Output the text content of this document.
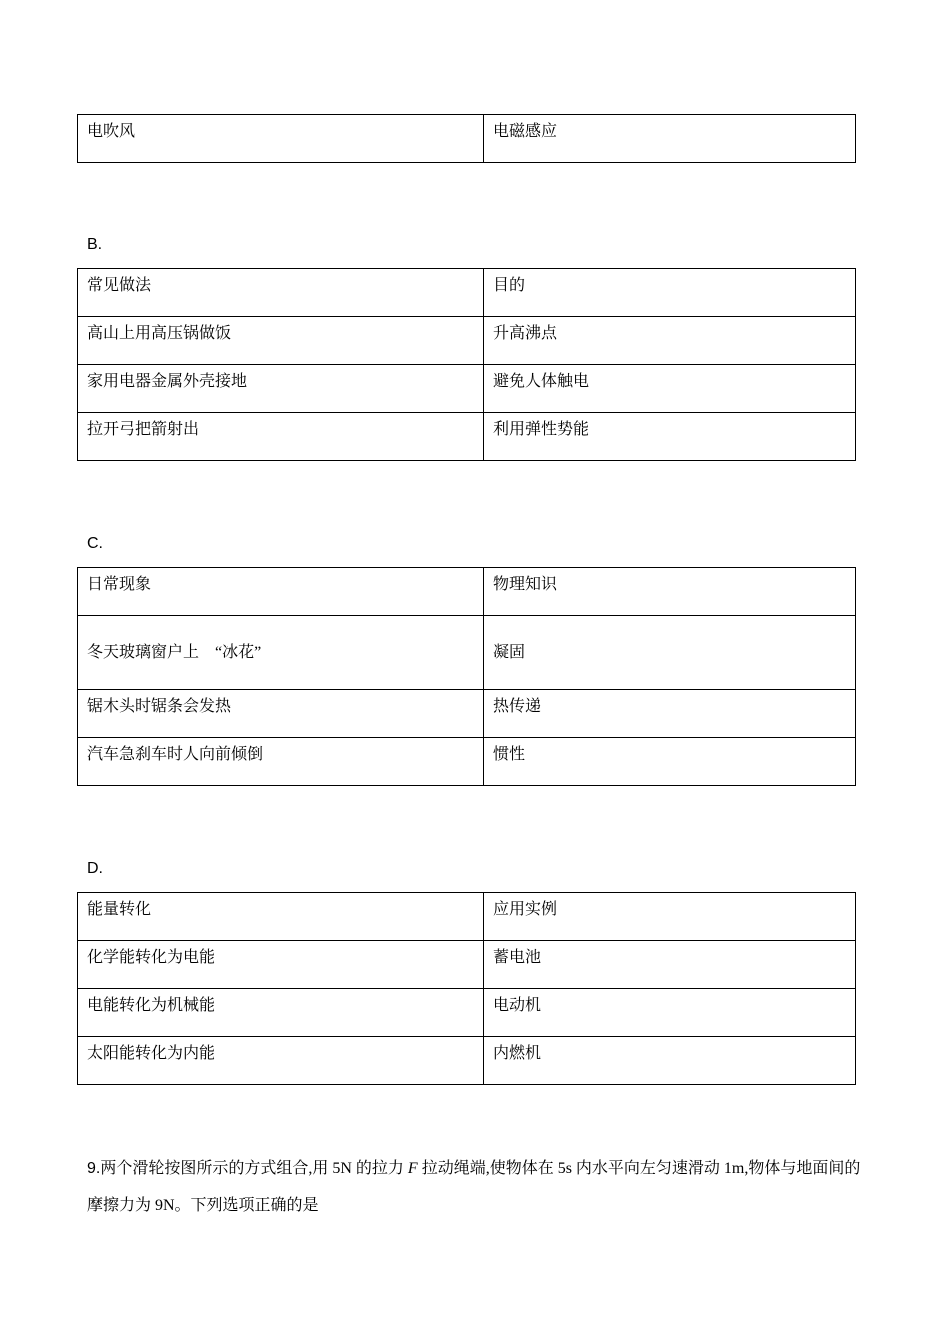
电吹风	电磁感应
B.
常见做法	目的
高山上用高压锅做饭	升高沸点
家用电器金属外壳接地	避免人体触电
拉开弓把箭射出	利用弹性势能
C.
日常现象	物理知识
冬天玻璃窗户上　“冰花”	凝固
锯木头时锯条会发热	热传递
汽车急刹车时人向前倾倒	惯性
D.
能量转化	应用实例
化学能转化为电能	蓄电池
电能转化为机械能	电动机
太阳能转化为内能	内燃机
9.两个滑轮按图所示的方式组合,用 5N 的拉力 F 拉动绳端,使物体在 5s 内水平向左匀速滑动 1m,物体与地面间的摩擦力为 9N。下列选项正确的是
